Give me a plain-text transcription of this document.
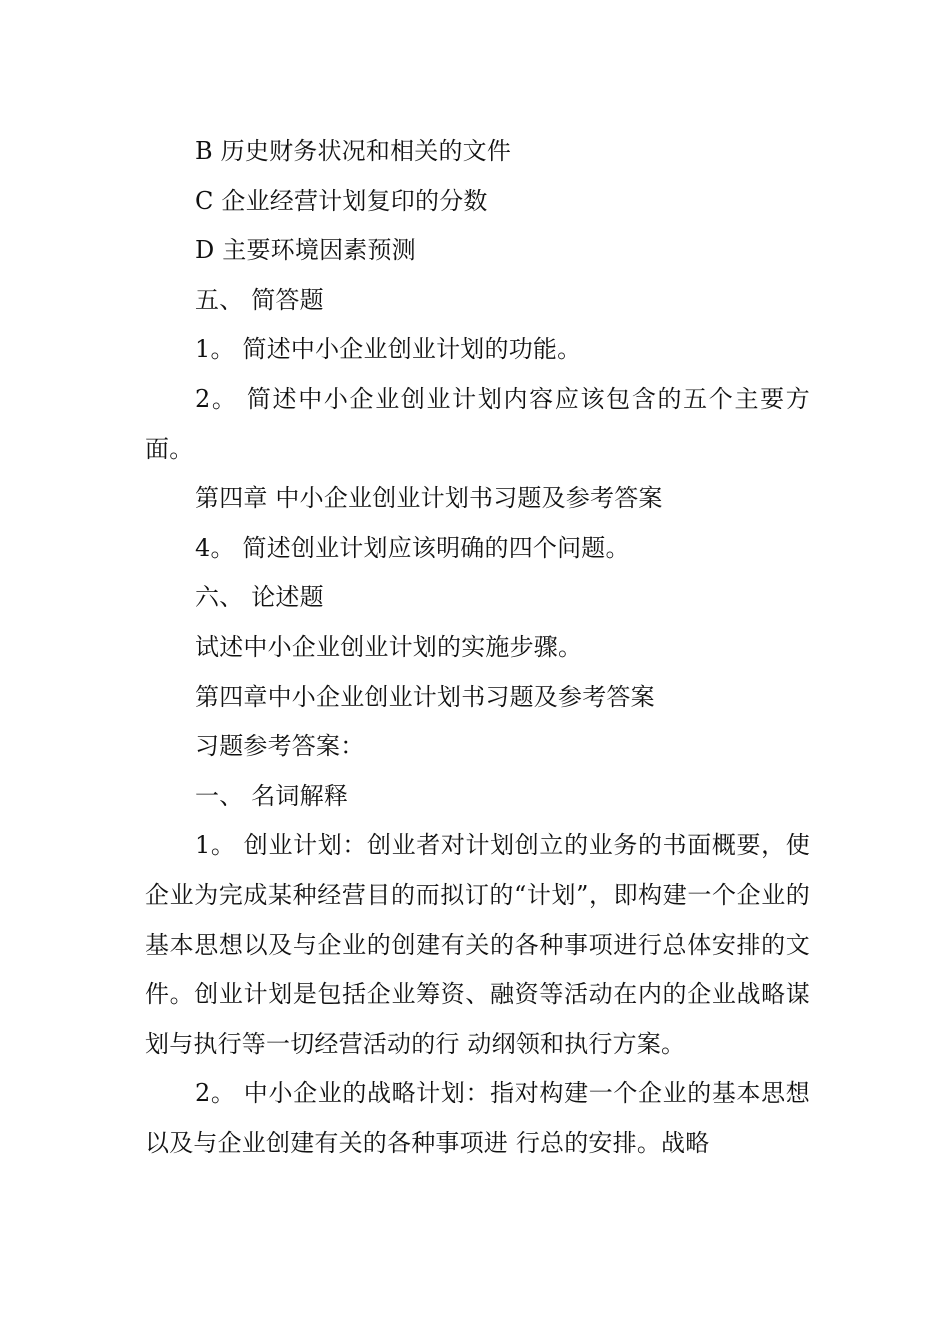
B 历史财务状况和相关的文件

C 企业经营计划复印的分数

D 主要环境因素预测

五、 简答题

1。 简述中小企业创业计划的功能。

2。 简述中小企业创业计划内容应该包含的五个主要方面。

第四章 中小企业创业计划书习题及参考答案

4。 简述创业计划应该明确的四个问题。

六、 论述题

试述中小企业创业计划的实施步骤。

第四章中小企业创业计划书习题及参考答案

习题参考答案：

一、 名词解释

1。 创业计划：创业者对计划创立的业务的书面概要，使企业为完成某种经营目的而拟订的“计划”，即构建一个企业的基本思想以及与企业的创建有关的各种事项进行总体安排的文 件。创业计划是包括企业筹资、融资等活动在内的企业战略谋划与执行等一切经营活动的行 动纲领和执行方案。

2。 中小企业的战略计划：指对构建一个企业的基本思想以及与企业创建有关的各种事项进 行总的安排。战略
